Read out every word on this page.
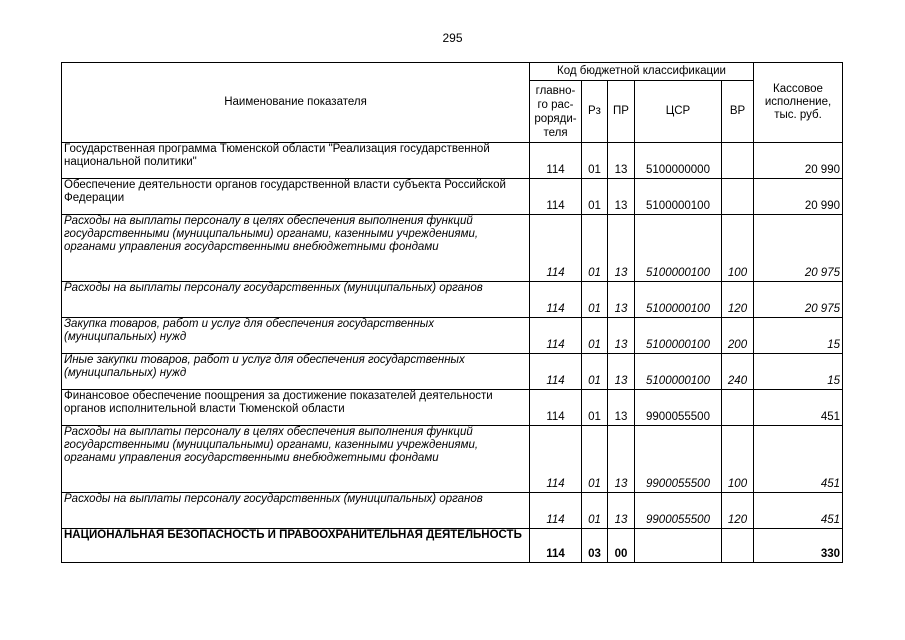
295
Наименование показателя	Код бюджетной классификации					Кассовое исполнение, тыс. руб.
	главно-
го рас-
pоряди-
теля	Рз	ПР	ЦСР	ВР	
Государственная программа Тюменской области "Реализация государственной национальной политики"	114	01	13	5100000000		20 990
Обеспечение деятельности органов государственной власти субъекта Российской Федерации	114	01	13	5100000100		20 990
Расходы на выплаты персоналу в целях обеспечения выполнения функций государственными (муниципальными) органами, казенными учреждениями, органами управления государственными внебюджетными фондами	114	01	13	5100000100	100	20 975
Расходы на выплаты персоналу государственных (муниципальных) органов	114	01	13	5100000100	120	20 975
Закупка товаров, работ и услуг для обеспечения государственных (муниципальных) нужд	114	01	13	5100000100	200	15
Иные закупки товаров, работ и услуг для обеспечения государственных (муниципальных) нужд	114	01	13	5100000100	240	15
Финансовое обеспечение поощрения за достижение показателей деятельности органов исполнительной власти Тюменской области	114	01	13	9900055500		451
Расходы на выплаты персоналу в целях обеспечения выполнения функций государственными (муниципальными) органами, казенными учреждениями, органами управления государственными внебюджетными фондами	114	01	13	9900055500	100	451
Расходы на выплаты персоналу государственных (муниципальных) органов	114	01	13	9900055500	120	451
НАЦИОНАЛЬНАЯ БЕЗОПАСНОСТЬ И ПРАВООХРАНИТЕЛЬНАЯ ДЕЯТЕЛЬНОСТЬ	114	03	00			330
